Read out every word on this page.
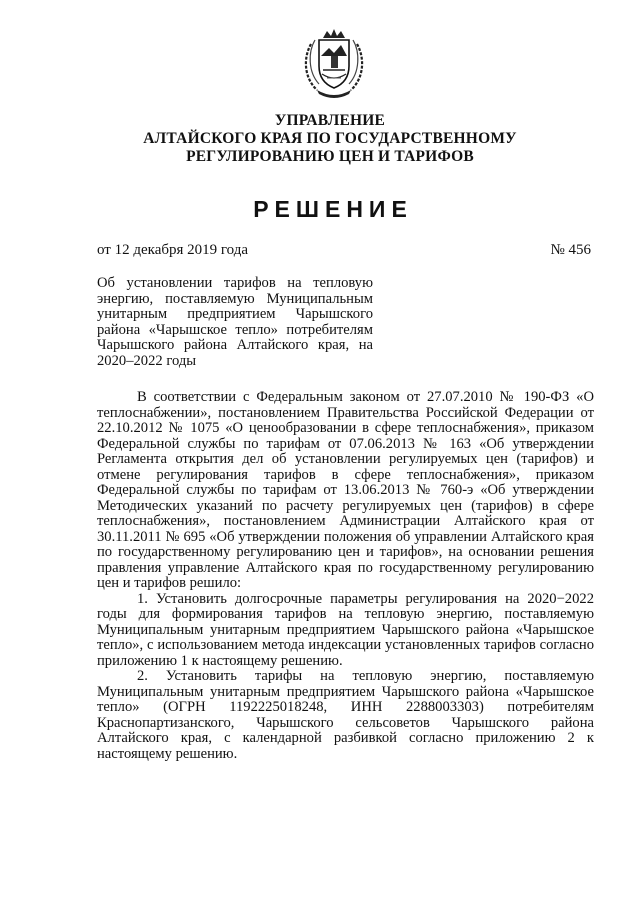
УПРАВЛЕНИЕ
АЛТАЙСКОГО КРАЯ ПО ГОСУДАРСТВЕННОМУ
РЕГУЛИРОВАНИЮ ЦЕН И ТАРИФОВ
РЕШЕНИЕ
от 12 декабря 2019 года	№ 456
Об установлении тарифов на тепловую энергию, поставляемую Муниципальным унитарным предприятием Чарышского района «Чарышское тепло» потребителям Чарышского района Алтайского края, на 2020–2022 годы

В соответствии с Федеральным законом от 27.07.2010 № 190-ФЗ «О теплоснабжении», постановлением Правительства Российской Федерации от 22.10.2012 № 1075 «О ценообразовании в сфере теплоснабжения», приказом Федеральной службы по тарифам от 07.06.2013 № 163 «Об утверждении Регламента открытия дел об установлении регулируемых цен (тарифов) и отмене регулирования тарифов в сфере теплоснабжения», приказом Федеральной службы по тарифам от 13.06.2013 № 760-э «Об утверждении Методических указаний по расчету регулируемых цен (тарифов) в сфере теплоснабжения», постановлением Администрации Алтайского края от 30.11.2011 № 695 «Об утверждении положения об управлении Алтайского края по государственному регулированию цен и тарифов», на основании решения правления управление Алтайского края по государственному регулированию цен и тарифов решило:

1. Установить долгосрочные параметры регулирования на 2020−2022 годы для формирования тарифов на тепловую энергию, поставляемую Муниципальным унитарным предприятием Чарышского района «Чарышское тепло», с использованием метода индексации установленных тарифов согласно приложению 1 к настоящему решению.

2. Установить тарифы на тепловую энергию, поставляемую Муниципальным унитарным предприятием Чарышского района «Чарышское тепло» (ОГРН 1192225018248, ИНН 2288003303) потребителям Краснопартизанского, Чарышского сельсоветов Чарышского района Алтайского края, с календарной разбивкой согласно приложению 2 к настоящему решению.
